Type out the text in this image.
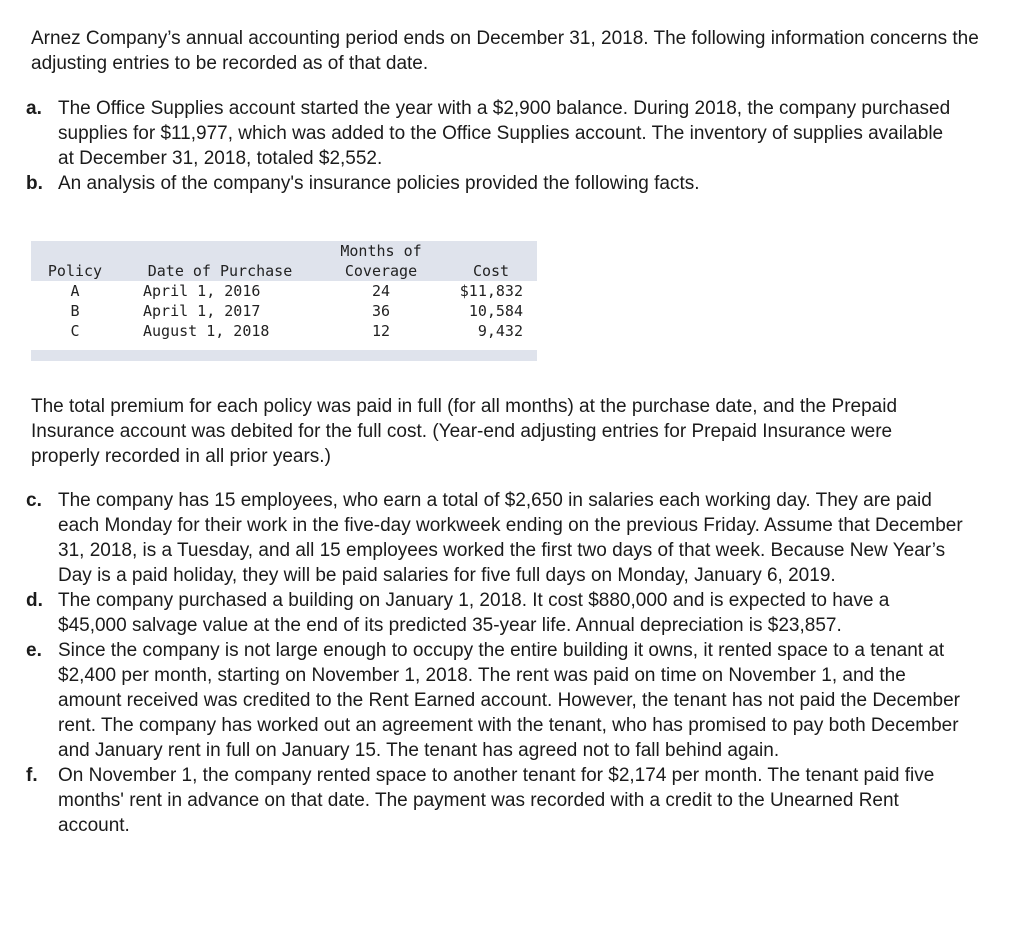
Arnez Company’s annual accounting period ends on December 31, 2018. The following information concerns the adjusting entries to be recorded as of that date.

a. The Office Supplies account started the year with a $2,900 balance. During 2018, the company purchased supplies for $11,977, which was added to the Office Supplies account. The inventory of supplies available at December 31, 2018, totaled $2,552.
b. An analysis of the company's insurance policies provided the following facts.
Months of
Policy	Date of Purchase	Coverage	Cost
A	April 1, 2016	24	$11,832
B	April 1, 2017	36	10,584
C	August 1, 2018	12	9,432

The total premium for each policy was paid in full (for all months) at the purchase date, and the Prepaid Insurance account was debited for the full cost. (Year-end adjusting entries for Prepaid Insurance were properly recorded in all prior years.)

c. The company has 15 employees, who earn a total of $2,650 in salaries each working day. They are paid each Monday for their work in the five-day workweek ending on the previous Friday. Assume that December 31, 2018, is a Tuesday, and all 15 employees worked the first two days of that week. Because New Year’s Day is a paid holiday, they will be paid salaries for five full days on Monday, January 6, 2019.
d. The company purchased a building on January 1, 2018. It cost $880,000 and is expected to have a $45,000 salvage value at the end of its predicted 35-year life. Annual depreciation is $23,857.
e. Since the company is not large enough to occupy the entire building it owns, it rented space to a tenant at $2,400 per month, starting on November 1, 2018. The rent was paid on time on November 1, and the amount received was credited to the Rent Earned account. However, the tenant has not paid the December rent. The company has worked out an agreement with the tenant, who has promised to pay both December and January rent in full on January 15. The tenant has agreed not to fall behind again.
f.	On November 1, the company rented space to another tenant for $2,174 per month. The tenant paid five months' rent in advance on that date. The payment was recorded with a credit to the Unearned Rent account.
